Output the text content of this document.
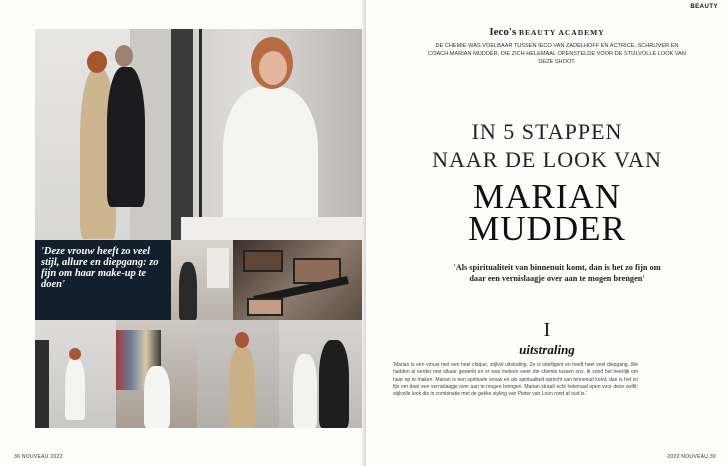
'Deze vrouw heeft zo veel stijl, allure en diepgang: zo fijn om haar make-up te doen'
36 NOUVEAU 2022
BEAUTY
Ieco's BEAUTY ACADEMY
DE CHEMIE WAS VOELBAAR TUSSEN IECO VAN ZADELHOFF EN ACTRICE, SCHRIJVER EN COACH MARIAN MUDDER, DIE ZICH HELEMAAL OPENSTELDE VOOR DE STIJLVOLLE LOOK VAN DEZE SHOOT.
IN 5 STAPPEN
NAAR DE LOOK VAN
MARIAN
MUDDER
'Als spiritualiteit van binnenuit komt, dan is het zo fijn om daar een vernislaagje over aan te mogen brengen'
I
uitstraling
'Marian is een vrouw met een heel chique, stijlvol uitstraling. Ze is intelligent en heeft heel veel diepgang. We hadden al eerder met elkaar gewerkt en er was meteen weer die chemie tussen ons. Ik vond het heerlijk om haar op te maken. Marian is een spirituele vrouw en als spiritualiteit oprecht van binnenuit komt, dan is het zo fijn om daar een vernislaagje over aan te mogen brengen. Marian straalt echt helemaal open voor deze outfit; stijlvolle look die in combinatie met de gekke styling van Pieter van Loon rond af oud is.'
2022 NOUVEAU 39
